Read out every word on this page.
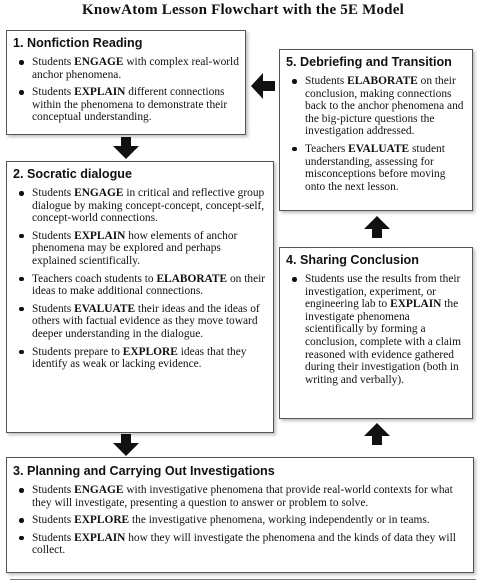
KnowAtom Lesson Flowchart with the 5E Model
1. Nonfiction Reading
Students ENGAGE with complex real-world anchor phenomena.
Students EXPLAIN different connections within the phenomena to demonstrate their conceptual understanding.
2. Socratic dialogue
Students ENGAGE in critical and reflective group dialogue by making concept-concept, concept-self, concept-world connections.
Students EXPLAIN how elements of anchor phenomena may be explored and perhaps explained scientifically.
Teachers coach students to ELABORATE on their ideas to make additional connections.
Students EVALUATE their ideas and the ideas of others with factual evidence as they move toward deeper understanding in the dialogue.
Students prepare to EXPLORE ideas that they identify as weak or lacking evidence.
3. Planning and Carrying Out Investigations
Students ENGAGE with investigative phenomena that provide real-world contexts for what they will investigate, presenting a question to answer or problem to solve.
Students EXPLORE the investigative phenomena, working independently or in teams.
Students EXPLAIN how they will investigate the phenomena and the kinds of data they will collect.
4. Sharing Conclusion
Students use the results from their investigation, experiment, or engineering lab to EXPLAIN the investigate phenomena scientifically by forming a conclusion, complete with a claim reasoned with evidence gathered during their investigation (both in writing and verbally).
5. Debriefing and Transition
Students ELABORATE on their conclusion, making connections back to the anchor phenomena and the big-picture questions the investigation addressed.
Teachers EVALUATE student understanding, assessing for misconceptions before moving onto the next lesson.
